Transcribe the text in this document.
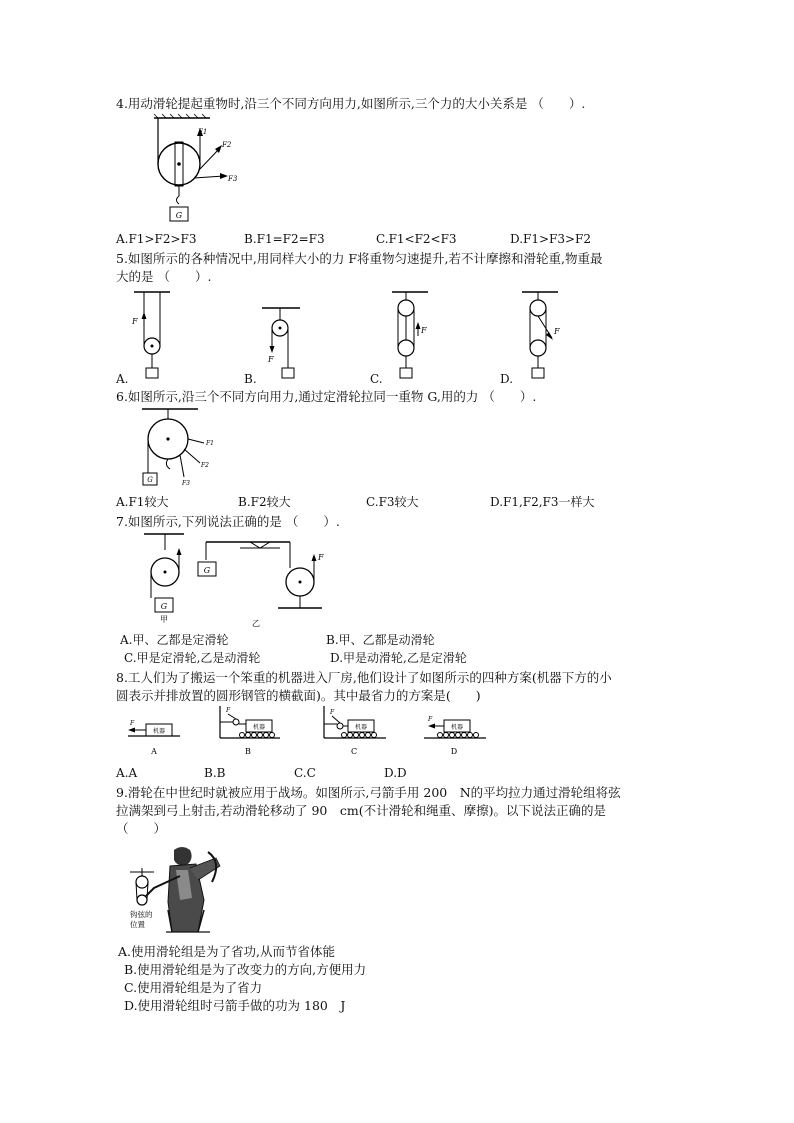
4.用动滑轮提起重物时,沿三个不同方向用力,如图所示,三个力的大小关系是 （　　）.
G
F1
F2
F3
A.F1>F2>F3	B.F1=F2=F3	C.F1<F2<F3	D.F1>F3>F2
5.如图所示的各种情况中,用同样大小的力 F将重物匀速提升,若不计摩擦和滑轮重,物重最
大的是 （　　）.
F
F
F	F
A.	B.	C.	D.
6.如图所示,沿三个不同方向用力,通过定滑轮拉同一重物 G,用的力 （　　）.
G
F1
F2
F3
A.F1较大	B.F2较大	C.F3较大	D.F1,F2,F3一样大
7.如图所示,下列说法正确的是 （　　）.
G
甲
G
F
乙
A.甲、乙都是定滑轮	B.甲、乙都是动滑轮
C.甲是定滑轮,乙是动滑轮	D.甲是动滑轮,乙是定滑轮
8.工人们为了搬运一个笨重的机器进入厂房,他们设计了如图所示的四种方案(机器下方的小
圆表示并排放置的圆形钢管的横截面)。其中最省力的方案是(　　)
机器
F
A
机器
F
B
机器
F
C
机器
F
D
A.A	B.B	C.C	D.D
9.滑轮在中世纪时就被应用于战场。如图所示,弓箭手用 200　N的平均拉力通过滑轮组将弦
拉满架到弓上射击,若动滑轮移动了 90　cm(不计滑轮和绳重、摩擦)。以下说法正确的是
（　　）
钩弦的
位置
A.使用滑轮组是为了省功,从而节省体能
B.使用滑轮组是为了改变力的方向,方便用力
C.使用滑轮组是为了省力
D.使用滑轮组时弓箭手做的功为 180　J
